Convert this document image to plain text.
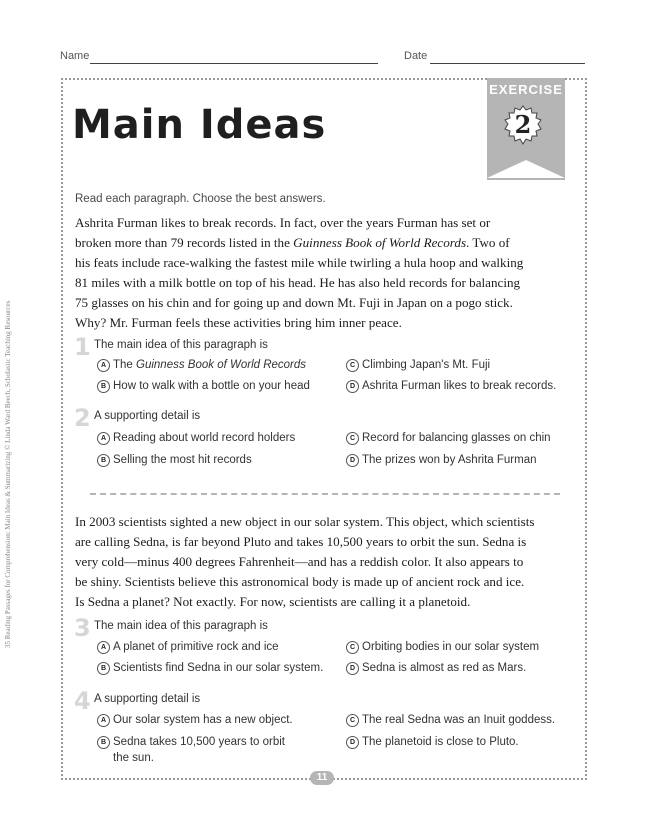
Name	Date
35 Reading Passages for Comprehension: Main Ideas & Summarizing © Linda Ward Beech, Scholastic Teaching Resources
EXERCISE
2
Main Ideas
Read each paragraph. Choose the best answers.
Ashrita Furman likes to break records. In fact, over the years Furman has set or
broken more than 79 records listed in the Guinness Book of World Records. Two of
his feats include race-walking the fastest mile while twirling a hula hoop and walking
81 miles with a milk bottle on top of his head. He has also held records for balancing
75 glasses on his chin and for going up and down Mt. Fuji in Japan on a pogo stick.
Why? Mr. Furman feels these activities bring him inner peace.
1 The main idea of this paragraph is
A The Guinness Book of World Records
B How to walk with a bottle on your head
C Climbing Japan's Mt. Fuji
D Ashrita Furman likes to break records.
2 A supporting detail is
A Reading about world record holders
B Selling the most hit records
C Record for balancing glasses on chin
D The prizes won by Ashrita Furman
In 2003 scientists sighted a new object in our solar system. This object, which scientists
are calling Sedna, is far beyond Pluto and takes 10,500 years to orbit the sun. Sedna is
very cold—minus 400 degrees Fahrenheit—and has a reddish color. It also appears to
be shiny. Scientists believe this astronomical body is made up of ancient rock and ice.
Is Sedna a planet? Not exactly. For now, scientists are calling it a planetoid.
3 The main idea of this paragraph is
A A planet of primitive rock and ice
B Scientists find Sedna in our solar system.
C Orbiting bodies in our solar system
D Sedna is almost as red as Mars.
4 A supporting detail is
A Our solar system has a new object.
B Sedna takes 10,500 years to orbit
the sun.
C The real Sedna was an Inuit goddess.
D The planetoid is close to Pluto.
11
